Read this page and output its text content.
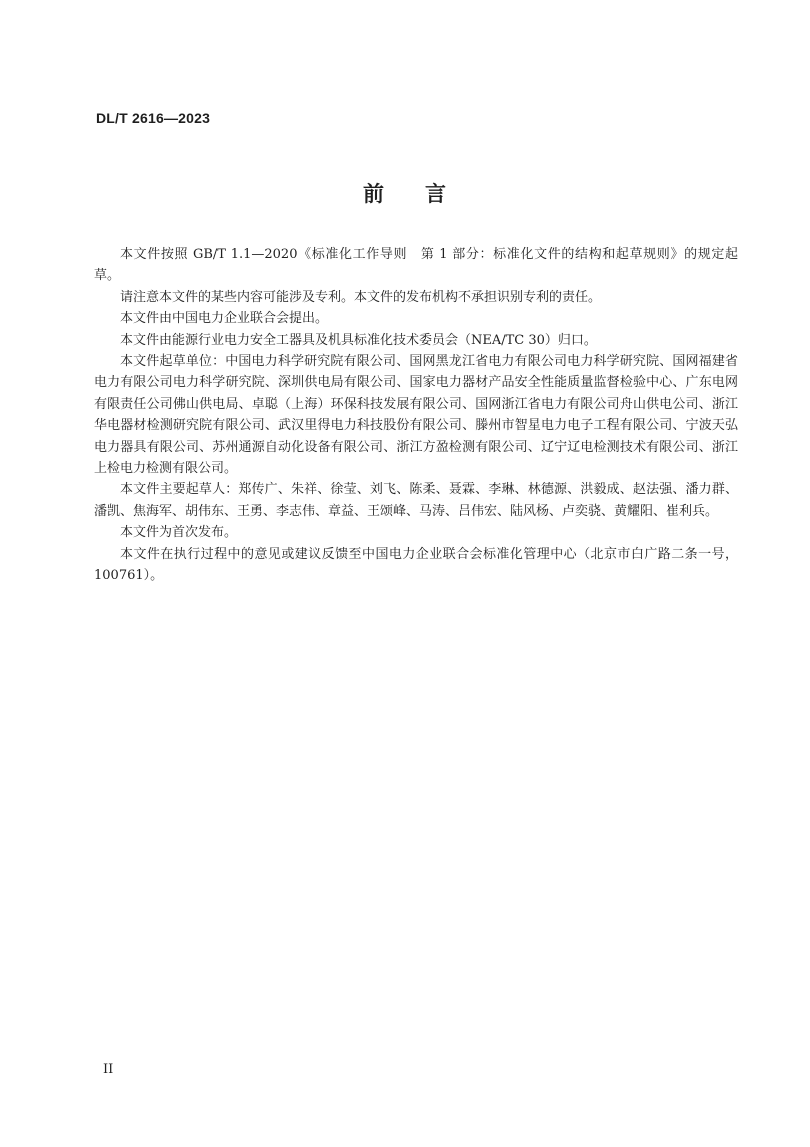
DL/T 2616—2023
前 言

本文件按照 GB/T 1.1—2020《标准化工作导则　第 1 部分：标准化文件的结构和起草规则》的规定起草。

请注意本文件的某些内容可能涉及专利。本文件的发布机构不承担识别专利的责任。

本文件由中国电力企业联合会提出。

本文件由能源行业电力安全工器具及机具标准化技术委员会（NEA/TC 30）归口。

本文件起草单位：中国电力科学研究院有限公司、国网黑龙江省电力有限公司电力科学研究院、国网福建省电力有限公司电力科学研究院、深圳供电局有限公司、国家电力器材产品安全性能质量监督检验中心、广东电网有限责任公司佛山供电局、卓聪（上海）环保科技发展有限公司、国网浙江省电力有限公司舟山供电公司、浙江华电器材检测研究院有限公司、武汉里得电力科技股份有限公司、滕州市智星电力电子工程有限公司、宁波天弘电力器具有限公司、苏州通源自动化设备有限公司、浙江方盈检测有限公司、辽宁辽电检测技术有限公司、浙江上检电力检测有限公司。

本文件主要起草人：郑传广、朱祥、徐莹、刘飞、陈柔、聂霖、李琳、林德源、洪毅成、赵法强、潘力群、潘凯、焦海军、胡伟东、王勇、李志伟、章益、王颂峰、马涛、吕伟宏、陆风杨、卢奕骁、黄耀阳、崔利兵。

本文件为首次发布。

本文件在执行过程中的意见或建议反馈至中国电力企业联合会标准化管理中心（北京市白广路二条一号，100761）。

II
